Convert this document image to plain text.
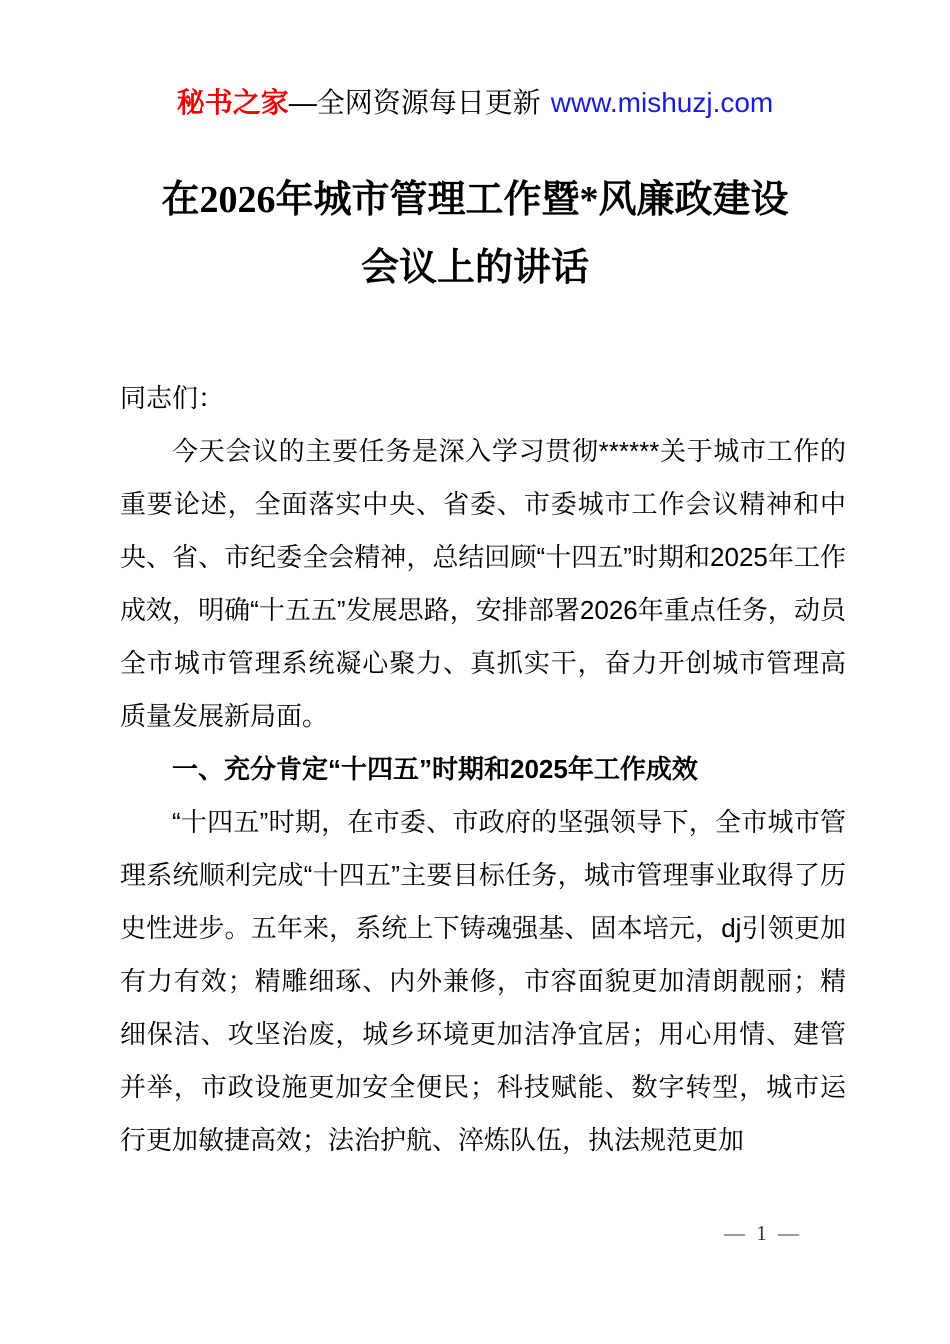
秘书之家—全网资源每日更新 www.mishuzj.com
在2026年城市管理工作暨*风廉政建设
会议上的讲话

同志们：

今天会议的主要任务是深入学习贯彻******关于城市工作的重要论述，全面落实中央、省委、市委城市工作会议精神和中央、省、市纪委全会精神，总结回顾“十四五”时期和2025年工作成效，明确“十五五”发展思路，安排部署2026年重点任务，动员全市城市管理系统凝心聚力、真抓实干，奋力开创城市管理高质量发展新局面。

一、充分肯定“十四五”时期和2025年工作成效

“十四五”时期，在市委、市政府的坚强领导下，全市城市管理系统顺利完成“十四五”主要目标任务，城市管理事业取得了历史性进步。五年来，系统上下铸魂强基、固本培元，dj引领更加有力有效；精雕细琢、内外兼修，市容面貌更加清朗靓丽；精细保洁、攻坚治废，城乡环境更加洁净宜居；用心用情、建管并举，市政设施更加安全便民；科技赋能、数字转型，城市运行更加敏捷高效；法治护航、淬炼队伍，执法规范更加

— 1 —
